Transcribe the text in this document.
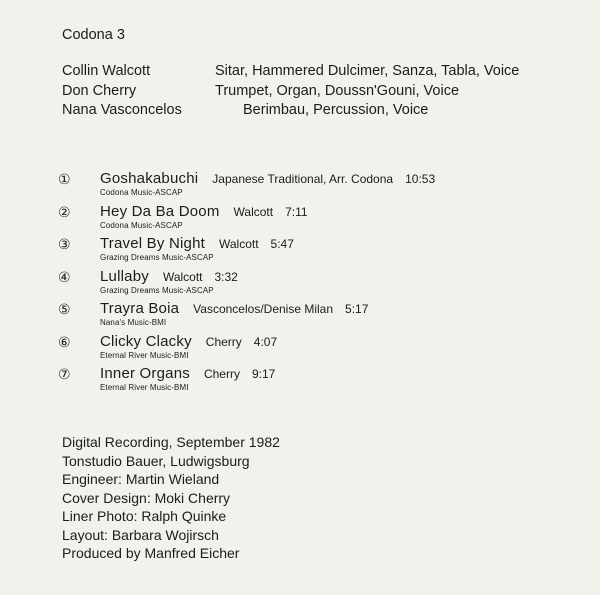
Codona 3
Collin Walcott	Sitar, Hammered Dulcimer, Sanza, Tabla, Voice
Don Cherry	Trumpet, Organ, Doussn'Gouni, Voice
Nana Vasconcelos	Berimbau, Percussion, Voice
① Goshakabuchi Japanese Traditional, Arr. Codona 10:53
Codona Music-ASCAP
② Hey Da Ba Doom Walcott 7:11
Codona Music-ASCAP
③ Travel By Night Walcott 5:47
Grazing Dreams Music-ASCAP
④ Lullaby Walcott 3:32
Grazing Dreams Music-ASCAP
⑤ Trayra Boia Vasconcelos/Denise Milan 5:17
Nana's Music-BMI
⑥ Clicky Clacky Cherry 4:07
Eternal River Music-BMI
⑦ Inner Organs Cherry 9:17
Eternal River Music-BMI
Digital Recording, September 1982
Tonstudio Bauer, Ludwigsburg
Engineer: Martin Wieland
Cover Design: Moki Cherry
Liner Photo: Ralph Quinke
Layout: Barbara Wojirsch
Produced by Manfred Eicher
